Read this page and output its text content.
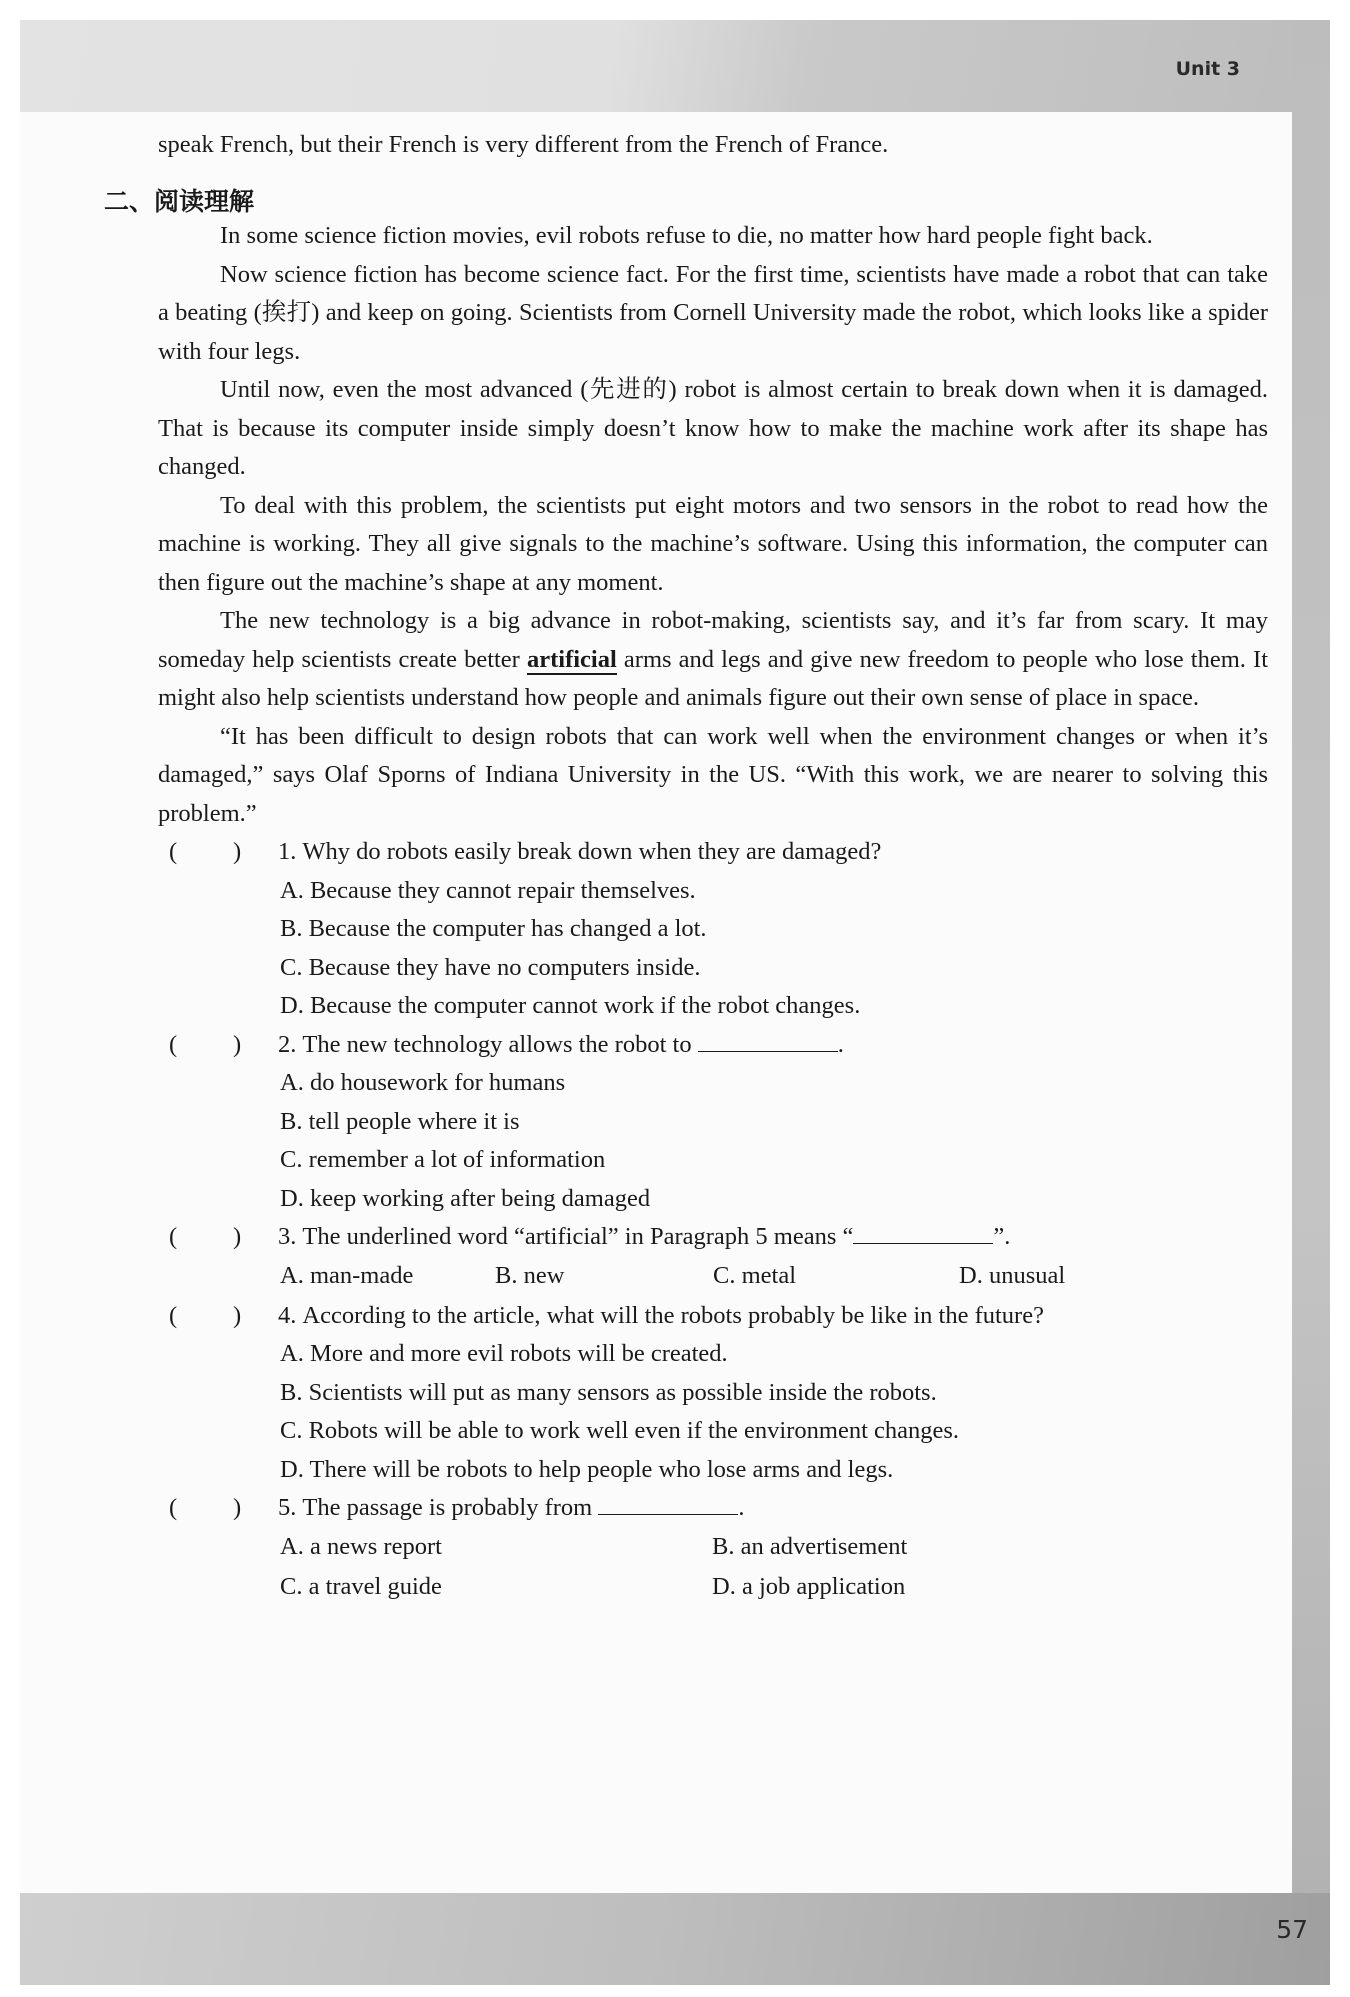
Unit 3
57

speak French, but their French is very different from the French of France.

二、阅读理解

In some science fiction movies, evil robots refuse to die, no matter how hard people fight back.

Now science fiction has become science fact. For the first time, scientists have made a robot that can take a beating (挨打) and keep on going. Scientists from Cornell University made the robot, which looks like a spider with four legs.

Until now, even the most advanced (先进的) robot is almost certain to break down when it is damaged. That is because its computer inside simply doesn’t know how to make the machine work after its shape has changed.

To deal with this problem, the scientists put eight motors and two sensors in the robot to read how the machine is working. They all give signals to the machine’s software. Using this information, the computer can then figure out the machine’s shape at any moment.

The new technology is a big advance in robot-making, scientists say, and it’s far from scary. It may someday help scientists create better artificial arms and legs and give new freedom to people who lose them. It might also help scientists understand how people and animals figure out their own sense of place in space.

“It has been difficult to design robots that can work well when the environment changes or when it’s damaged,” says Olaf Sporns of Indiana University in the US. “With this work, we are nearer to solving this problem.”

( ) 1. Why do robots easily break down when they are damaged?

A. Because they cannot repair themselves.

B. Because the computer has changed a lot.

C. Because they have no computers inside.

D. Because the computer cannot work if the robot changes.

( ) 2. The new technology allows the robot to	.

A. do housework for humans

B. tell people where it is

C. remember a lot of information

D. keep working after being damaged

( ) 3. The underlined word “artificial” in Paragraph 5 means “	”.

A. man-made	B. new	C. metal	D. unusual

( ) 4. According to the article, what will the robots probably be like in the future?

A. More and more evil robots will be created.

B. Scientists will put as many sensors as possible inside the robots.

C. Robots will be able to work well even if the environment changes.

D. There will be robots to help people who lose arms and legs.

( ) 5. The passage is probably from	.

A. a news report	B. an advertisement
C. a travel guide	D. a job application
